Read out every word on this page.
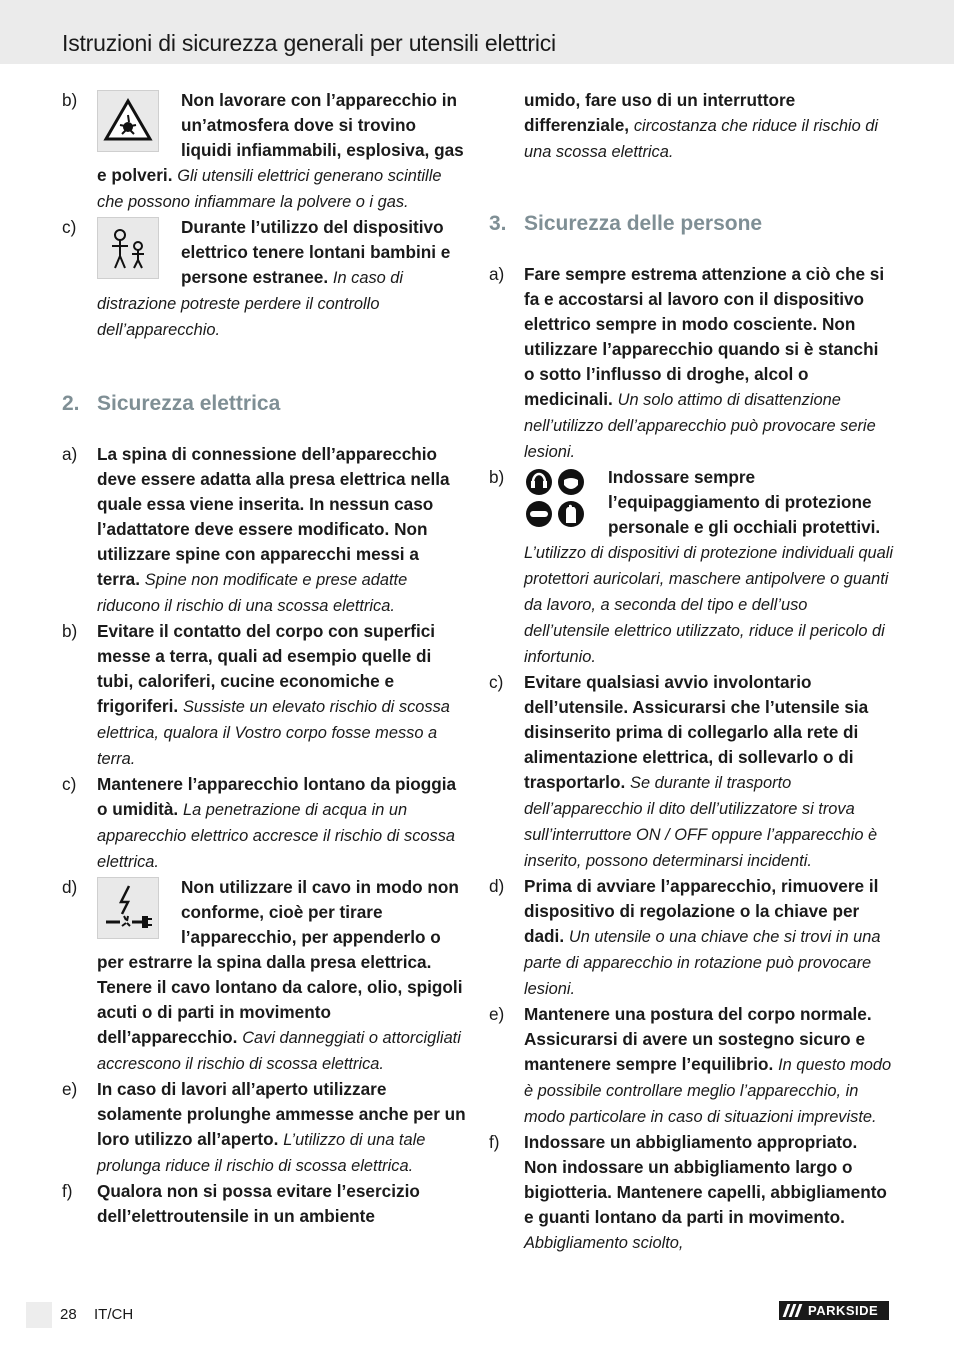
Istruzioni di sicurezza generali per utensili elettrici
b)	Non lavorare con l’apparecchio in un’atmosfera dove si trovino liquidi infiammabili, esplosiva, gas e polveri. Gli utensili elettrici generano scintille che possono infiammare la polvere o i gas.
c)	Durante l’utilizzo del dispositivo elettrico tenere lontani bambini e persone estranee. In caso di distrazione potreste perdere il controllo dell’apparecchio.
2. Sicurezza elettrica
a) La spina di connessione dell’apparecchio deve essere adatta alla presa elettrica nella quale essa viene inserita. In nessun caso l’adattatore deve essere modificato. Non utilizzare spine con apparecchi messi a terra. Spine non modificate e prese adatte riducono il rischio di una scossa elettrica.
b) Evitare il contatto del corpo con superfici messe a terra, quali ad esempio quelle di tubi, caloriferi, cucine economiche e frigoriferi. Sussiste un elevato rischio di scossa elettrica, qualora il Vostro corpo fosse messo a terra.
c) Mantenere l’apparecchio lontano da pioggia o umidità. La penetrazione di acqua in un apparecchio elettrico accresce il rischio di scossa elettrica.
d)	Non utilizzare il cavo in modo non conforme, cioè per tirare l’apparecchio, per appenderlo o per estrarre la spina dalla presa elettrica. Tenere il cavo lontano da calore, olio, spigoli acuti o di parti in movimento dell’apparecchio. Cavi danneggiati o attorcigliati accrescono il rischio di scossa elettrica.
e) In caso di lavori all’aperto utilizzare solamente prolunghe ammesse anche per un loro utilizzo all’aperto. L’utilizzo di una tale prolunga riduce il rischio di scossa elettrica.
f) Qualora non si possa evitare l’esercizio dell’elettroutensile in un ambiente
umido, fare uso di un interruttore differenziale, circostanza che riduce il rischio di una scossa elettrica.
3. Sicurezza delle persone
a) Fare sempre estrema attenzione a ciò che si fa e accostarsi al lavoro con il dispositivo elettrico sempre in modo cosciente. Non utilizzare l’apparecchio quando si è stanchi o sotto l’influsso di droghe, alcol o medicinali. Un solo attimo di disattenzione nell’utilizzo dell’apparecchio può provocare serie lesioni.
b)	Indossare sempre l’equipaggiamento di protezione personale e gli occhiali protettivi. L’utilizzo di dispositivi di protezione individuali quali protettori auricolari, maschere antipolvere o guanti da lavoro, a seconda del tipo e dell’uso dell’utensile elettrico utilizzato, riduce il pericolo di infortunio.
c) Evitare qualsiasi avvio involontario dell’utensile. Assicurarsi che l’utensile sia disinserito prima di collegarlo alla rete di alimentazione elettrica, di sollevarlo o di trasportarlo. Se durante il trasporto dell’apparecchio il dito dell’utilizzatore si trova sull’interruttore ON / OFF oppure l’apparecchio è inserito, possono determinarsi incidenti.
d) Prima di avviare l’apparecchio, rimuovere il dispositivo di regolazione o la chiave per dadi. Un utensile o una chiave che si trovi in una parte di apparecchio in rotazione può provocare lesioni.
e) Mantenere una postura del corpo normale. Assicurarsi di avere un sostegno sicuro e mantenere sempre l’equilibrio. In questo modo è possibile controllare meglio l’apparecchio, in modo particolare in caso di situazioni impreviste.
f) Indossare un abbigliamento appropriato. Non indossare un abbigliamento largo o bigiotteria. Mantenere capelli, abbigliamento e guanti lontano da parti in movimento. Abbigliamento sciolto,
28 IT/CH	PARKSIDE
